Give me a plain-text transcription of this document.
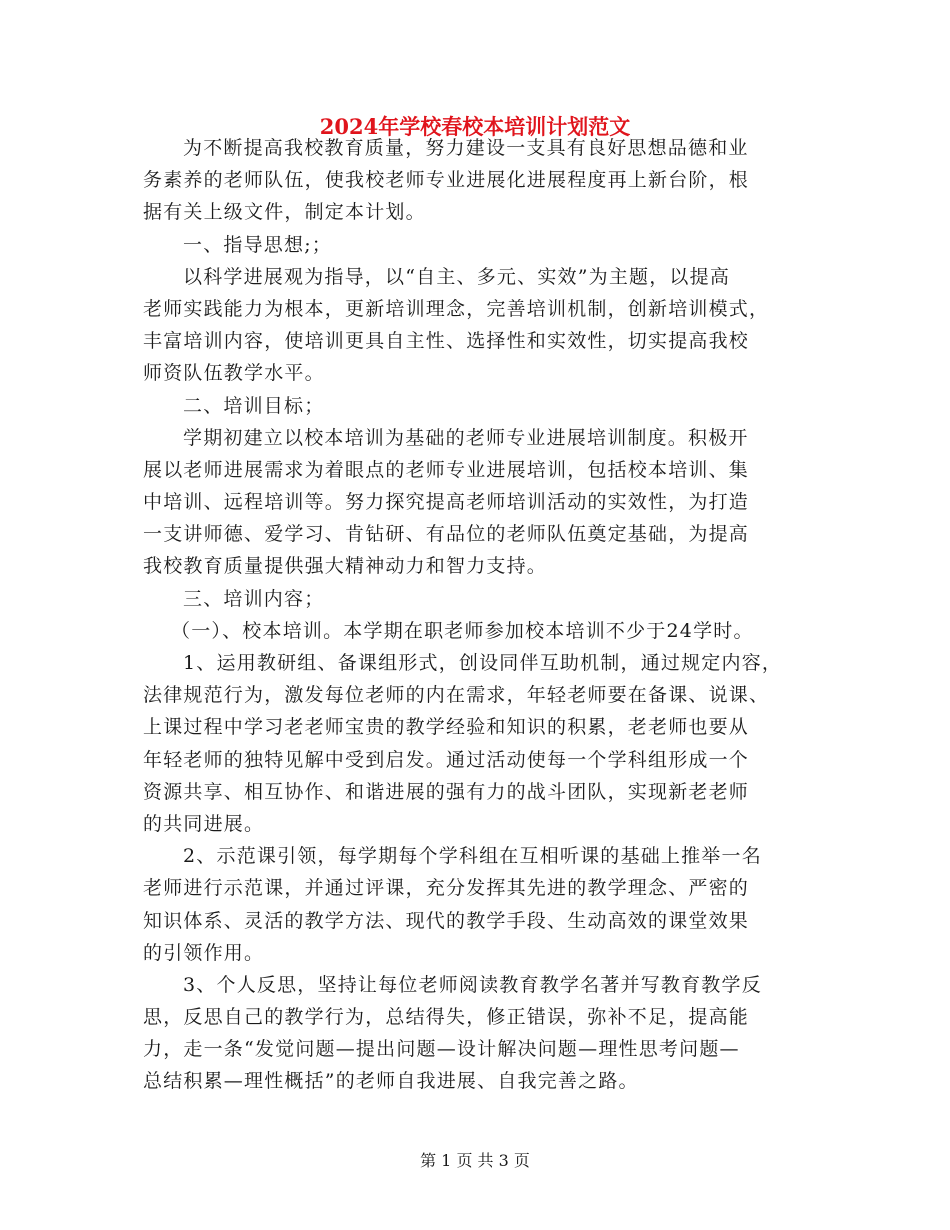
2024年学校春校本培训计划范文
为不断提高我校教育质量，努力建设一支具有良好思想品德和业
务素养的老师队伍，使我校老师专业进展化进展程度再上新台阶，根
据有关上级文件，制定本计划。
一、指导思想;；
以科学进展观为指导，以“自主、多元、实效”为主题，以提高
老师实践能力为根本，更新培训理念，完善培训机制，创新培训模式，
丰富培训内容，使培训更具自主性、选择性和实效性，切实提高我校
师资队伍教学水平。
二、培训目标；
学期初建立以校本培训为基础的老师专业进展培训制度。积极开
展以老师进展需求为着眼点的老师专业进展培训，包括校本培训、集
中培训、远程培训等。努力探究提高老师培训活动的实效性，为打造
一支讲师德、爱学习、肯钻研、有品位的老师队伍奠定基础，为提高
我校教育质量提供强大精神动力和智力支持。
三、培训内容；
（一）、校本培训。本学期在职老师参加校本培训不少于24学时。
1、运用教研组、备课组形式，创设同伴互助机制，通过规定内容，
法律规范行为，激发每位老师的内在需求，年轻老师要在备课、说课、
上课过程中学习老老师宝贵的教学经验和知识的积累，老老师也要从
年轻老师的独特见解中受到启发。通过活动使每一个学科组形成一个
资源共享、相互协作、和谐进展的强有力的战斗团队，实现新老老师
的共同进展。
2、示范课引领，每学期每个学科组在互相听课的基础上推举一名
老师进行示范课，并通过评课，充分发挥其先进的教学理念、严密的
知识体系、灵活的教学方法、现代的教学手段、生动高效的课堂效果
的引领作用。
3、个人反思，坚持让每位老师阅读教育教学名著并写教育教学反
思，反思自己的教学行为，总结得失，修正错误，弥补不足，提高能
力，走一条“发觉问题—提出问题—设计解决问题—理性思考问题—
总结积累—理性概括”的老师自我进展、自我完善之路。
第 1 页 共 3 页
